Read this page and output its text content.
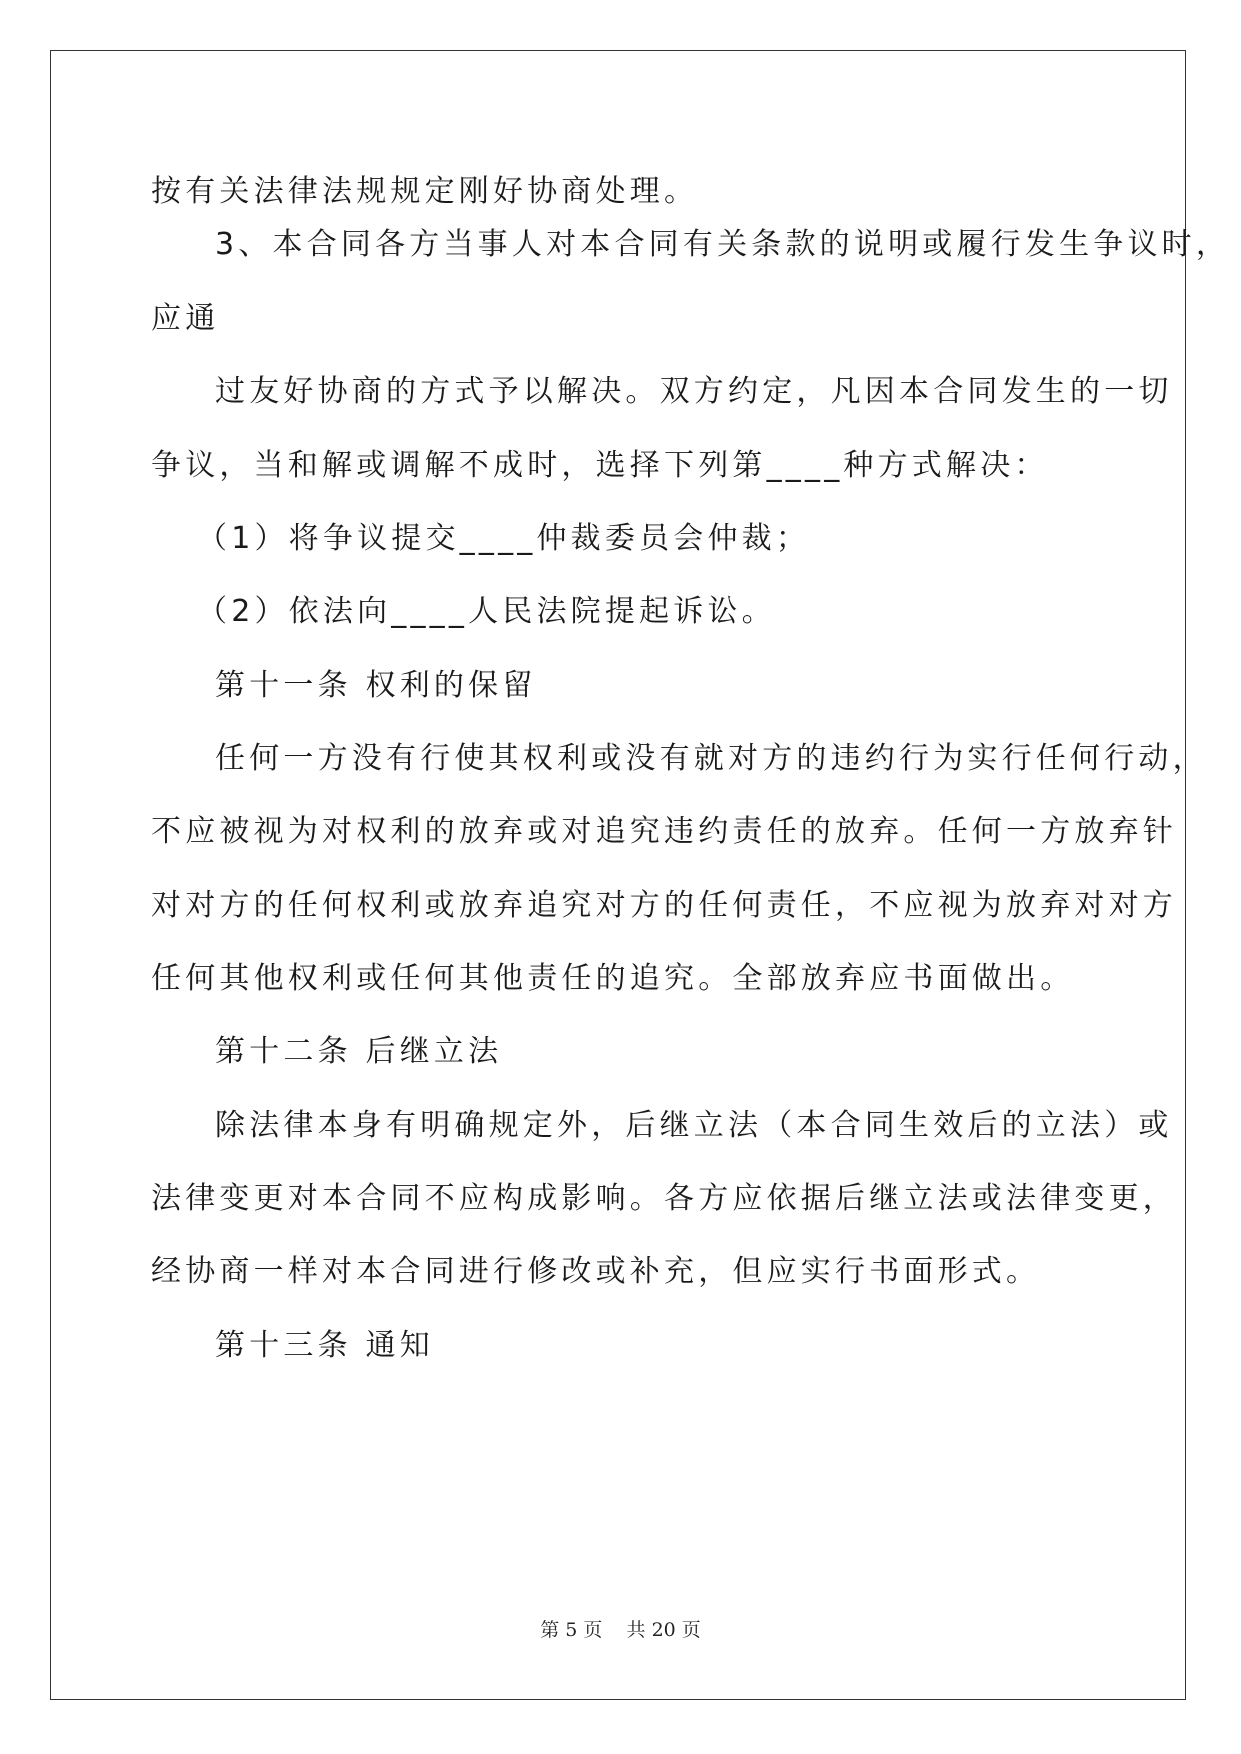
按有关法律法规规定刚好协商处理。
3、本合同各方当事人对本合同有关条款的说明或履行发生争议时，
应通
过友好协商的方式予以解决。双方约定，凡因本合同发生的一切
争议，当和解或调解不成时，选择下列第____种方式解决：
（1）将争议提交____仲裁委员会仲裁；
（2）依法向____人民法院提起诉讼。
第十一条 权利的保留
任何一方没有行使其权利或没有就对方的违约行为实行任何行动，
不应被视为对权利的放弃或对追究违约责任的放弃。任何一方放弃针
对对方的任何权利或放弃追究对方的任何责任，不应视为放弃对对方
任何其他权利或任何其他责任的追究。全部放弃应书面做出。
第十二条 后继立法
除法律本身有明确规定外，后继立法（本合同生效后的立法）或
法律变更对本合同不应构成影响。各方应依据后继立法或法律变更，
经协商一样对本合同进行修改或补充，但应实行书面形式。
第十三条 通知
第 5 页    共 20 页
